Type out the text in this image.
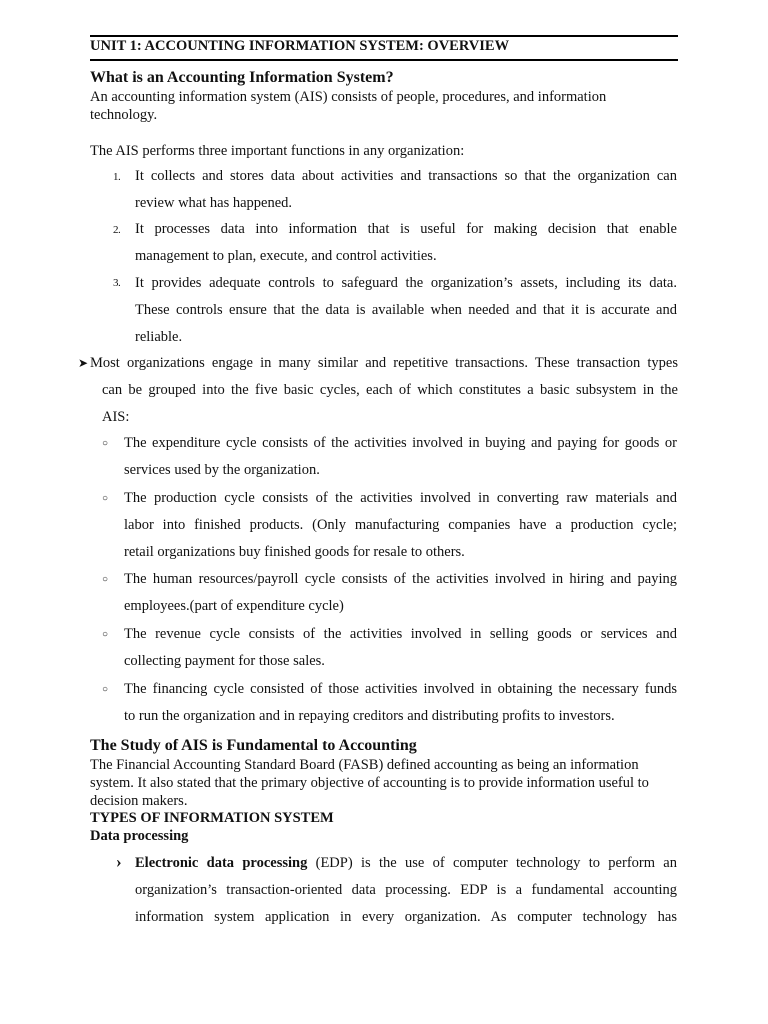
UNIT 1: ACCOUNTING INFORMATION SYSTEM: OVERVIEW
What is an Accounting Information System?
An accounting information system (AIS) consists of people, procedures, and information
technology.
The AIS performs three important functions in any organization:
1. It collects and stores data about activities and transactions so that the organization can
review what has happened.
2. It processes data into information that is useful for making decision that enable
management to plan, execute, and control activities.
3. It provides adequate controls to safeguard the organization’s assets, including its data.
These controls ensure that the data is available when needed and that it is accurate and
reliable.
➤ Most organizations engage in many similar and repetitive transactions. These transaction types
can be grouped into the five basic cycles, each of which constitutes a basic subsystem in the
AIS:
○ The expenditure cycle consists of the activities involved in buying and paying for goods or
services used by the organization.
○ The production cycle consists of the activities involved in converting raw materials and
labor into finished products. (Only manufacturing companies have a production cycle;
retail organizations buy finished goods for resale to others.
○ The human resources/payroll cycle consists of the activities involved in hiring and paying
employees.(part of expenditure cycle)
○ The revenue cycle consists of the activities involved in selling goods or services and
collecting payment for those sales.
○ The financing cycle consisted of those activities involved in obtaining the necessary funds
to run the organization and in repaying creditors and distributing profits to investors.
The Study of AIS is Fundamental to Accounting
The Financial Accounting Standard Board (FASB) defined accounting as being an information
system. It also stated that the primary objective of accounting is to provide information useful to
decision makers.
TYPES OF INFORMATION SYSTEM
Data processing
› Electronic data processing (EDP) is the use of computer technology to perform an
organization’s transaction-oriented data processing. EDP is a fundamental accounting
information system application in every organization. As computer technology has
